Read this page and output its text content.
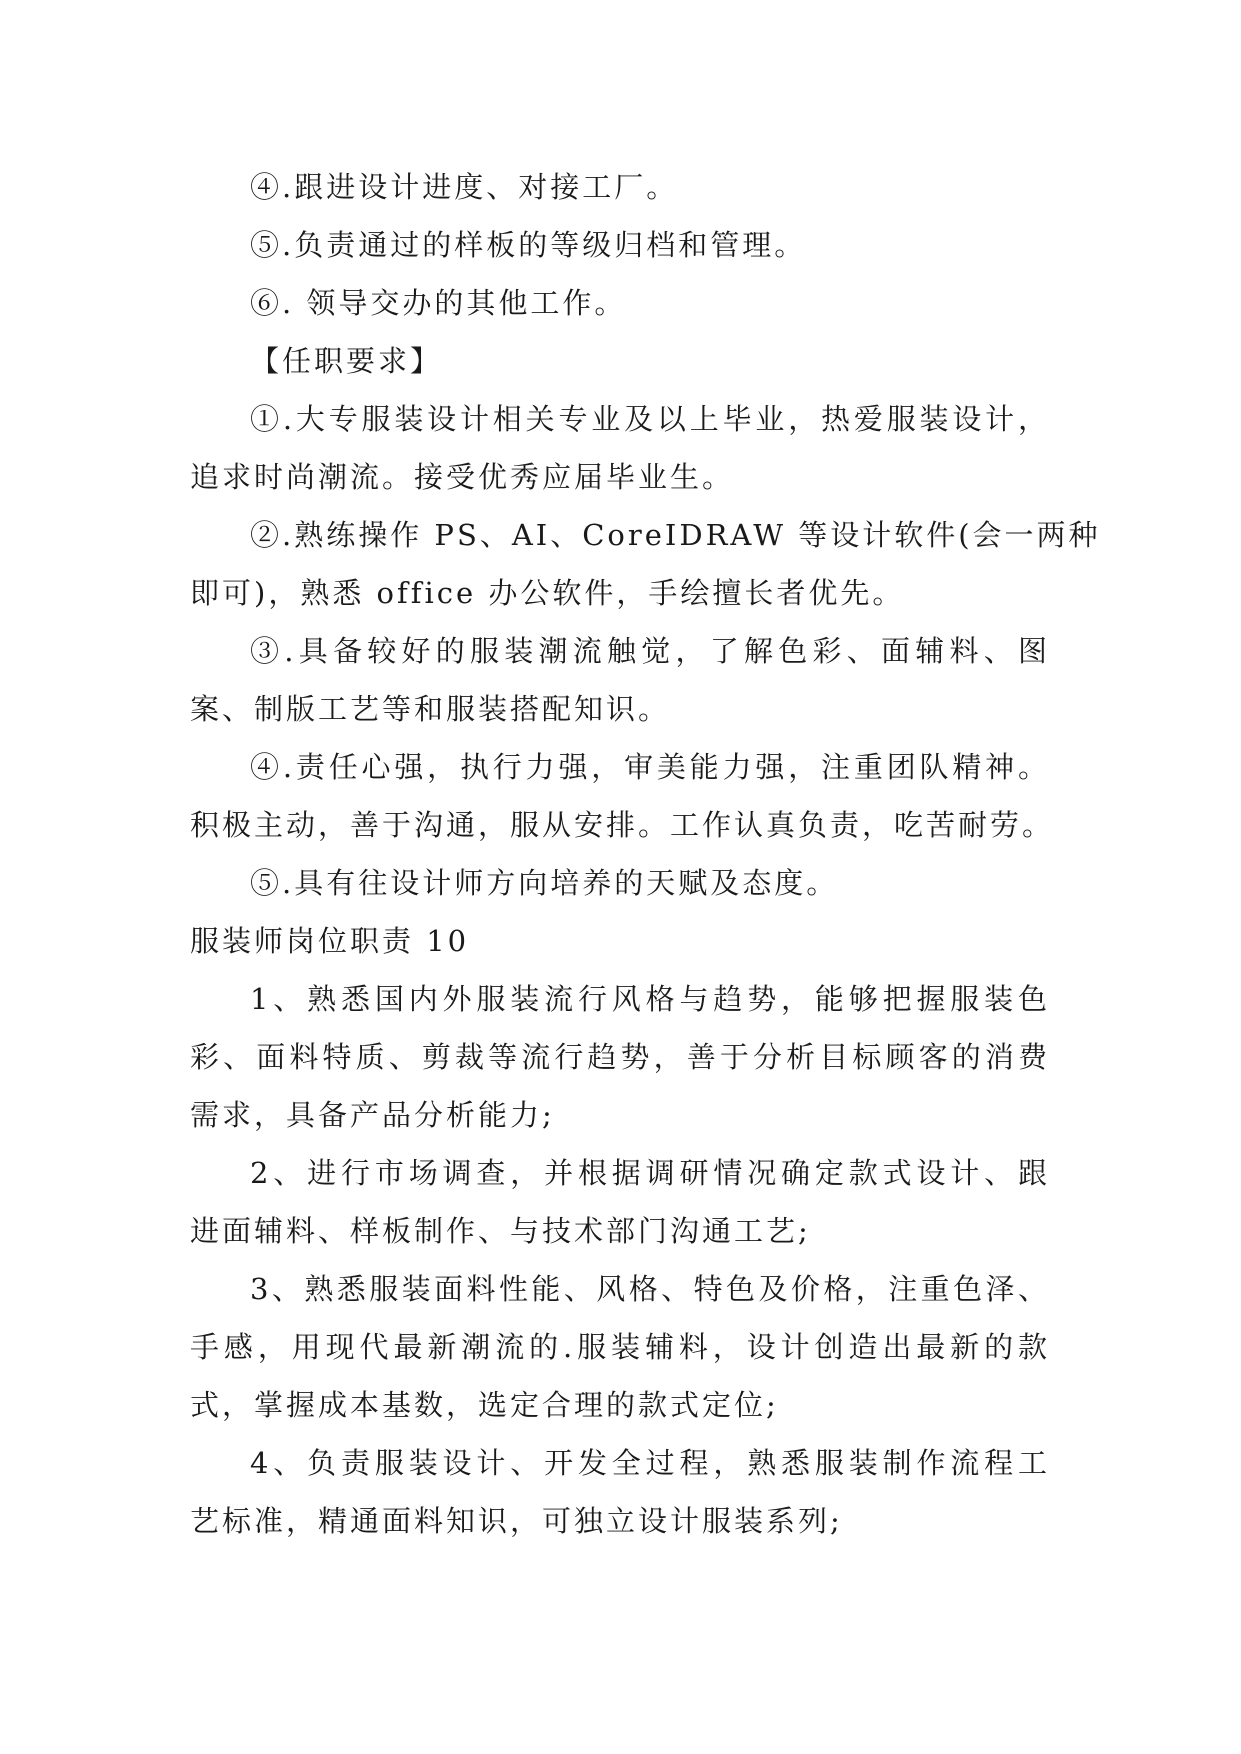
④.跟进设计进度、对接工厂。
⑤.负责通过的样板的等级归档和管理。
⑥. 领导交办的其他工作。
【任职要求】
①.大专服装设计相关专业及以上毕业，热爱服装设计，
追求时尚潮流。接受优秀应届毕业生。
②.熟练操作 PS、AI、CoreIDRAW 等设计软件(会一两种
即可)，熟悉 office 办公软件，手绘擅长者优先。
③.具备较好的服装潮流触觉，了解色彩、面辅料、图
案、制版工艺等和服装搭配知识。
④.责任心强，执行力强，审美能力强，注重团队精神。
积极主动，善于沟通，服从安排。工作认真负责，吃苦耐劳。
⑤.具有往设计师方向培养的天赋及态度。
服装师岗位职责 10
1、熟悉国内外服装流行风格与趋势，能够把握服装色
彩、面料特质、剪裁等流行趋势，善于分析目标顾客的消费
需求，具备产品分析能力;
2、进行市场调查，并根据调研情况确定款式设计、跟
进面辅料、样板制作、与技术部门沟通工艺;
3、熟悉服装面料性能、风格、特色及价格，注重色泽、
手感，用现代最新潮流的.服装辅料，设计创造出最新的款
式，掌握成本基数，选定合理的款式定位;
4、负责服装设计、开发全过程，熟悉服装制作流程工
艺标准，精通面料知识，可独立设计服装系列;
